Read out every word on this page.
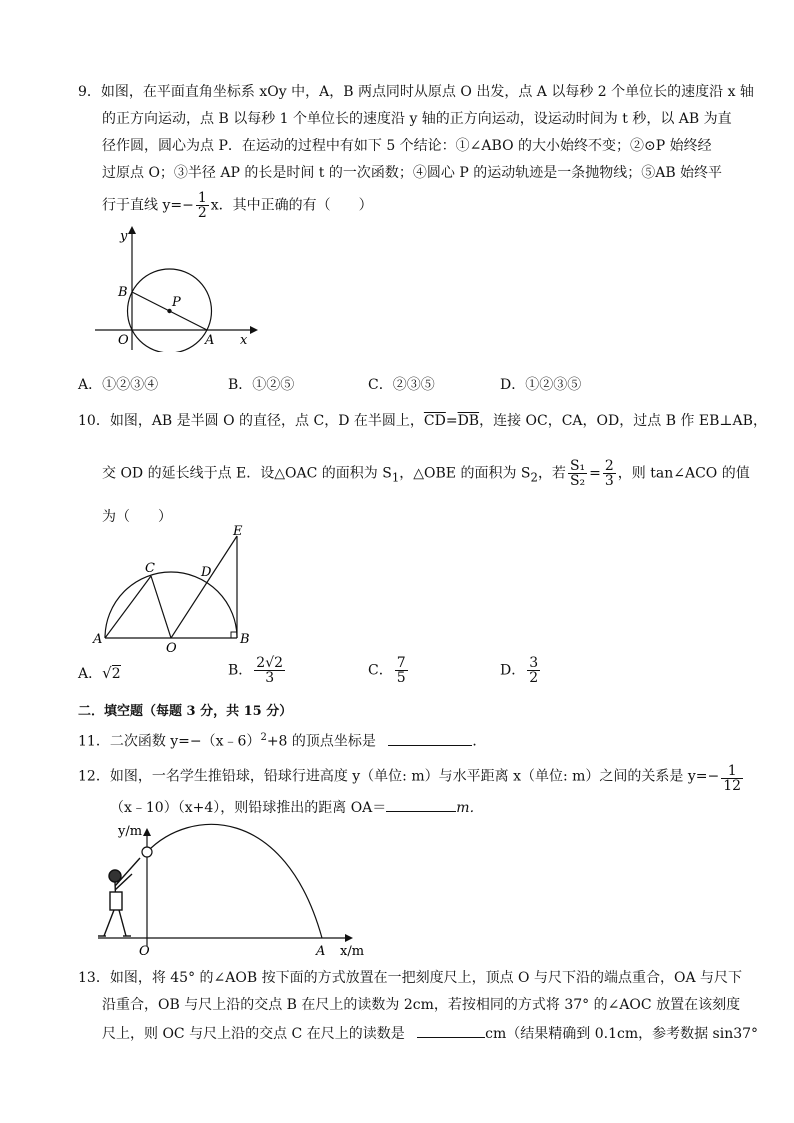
9．如图，在平面直角坐标系 xOy 中，A，B 两点同时从原点 O 出发，点 A 以每秒 2 个单位长的速度沿 x 轴
的正方向运动，点 B 以每秒 1 个单位长的速度沿 y 轴的正方向运动，设运动时间为 t 秒，以 AB 为直
径作圆，圆心为点 P．在运动的过程中有如下 5 个结论：①∠ABO 的大小始终不变；②⊙P 始终经
过原点 O；③半径 AP 的长是时间 t 的一次函数；④圆心 P 的运动轨迹是一条抛物线；⑤AB 始终平
行于直线 $y=- \frac{1}{2}$ x．其中正确的有（　　）
y
x
B
P
O	A
A．①②③④	B．①②⑤	C．②③⑤	D．①②③⑤
10．如图，AB 是半圆 O 的直径，点 C，D 在半圆上，$\overline{CD}=\overline{DB}$，连接 OC，CA，OD，过点 B 作 EB⊥AB，
交 OD 的延长线于点 E．设△OAC 的面积为 $S_1$，△OBE 的面积为 $S_2$，若 $\frac{\text{S₁}}{\text{S₂}} = \frac{2}{3}$ ，则 tan∠ACO 的值
为（　　）
E
C	D
A
O
B
A．√2	B． $\frac{2√2}{3}$	C． $\frac{7}{5}$	D． $\frac{3}{2}$
二．填空题（每题 3 分，共 15 分）
11．二次函数 y=−（x﹣6）$^2$+8 的顶点坐标是	．
12．如图，一名学生推铅球，铅球行进高度 y（单位: m）与水平距离 x（单位: m）之间的关系是 $y=- \frac{1}{12}$
（x﹣10）（x+4），则铅球推出的距离 OA＝	m．
y/m
O	A x/m
13．如图，将 45° 的∠AOB 按下面的方式放置在一把刻度尺上，顶点 O 与尺下沿的端点重合，OA 与尺下
沿重合，OB 与尺上沿的交点 B 在尺上的读数为 2cm，若按相同的方式将 37° 的∠AOC 放置在该刻度
尺上，则 OC 与尺上沿的交点 C 在尺上的读数是	cm（结果精确到 0.1cm，参考数据 sin37°
